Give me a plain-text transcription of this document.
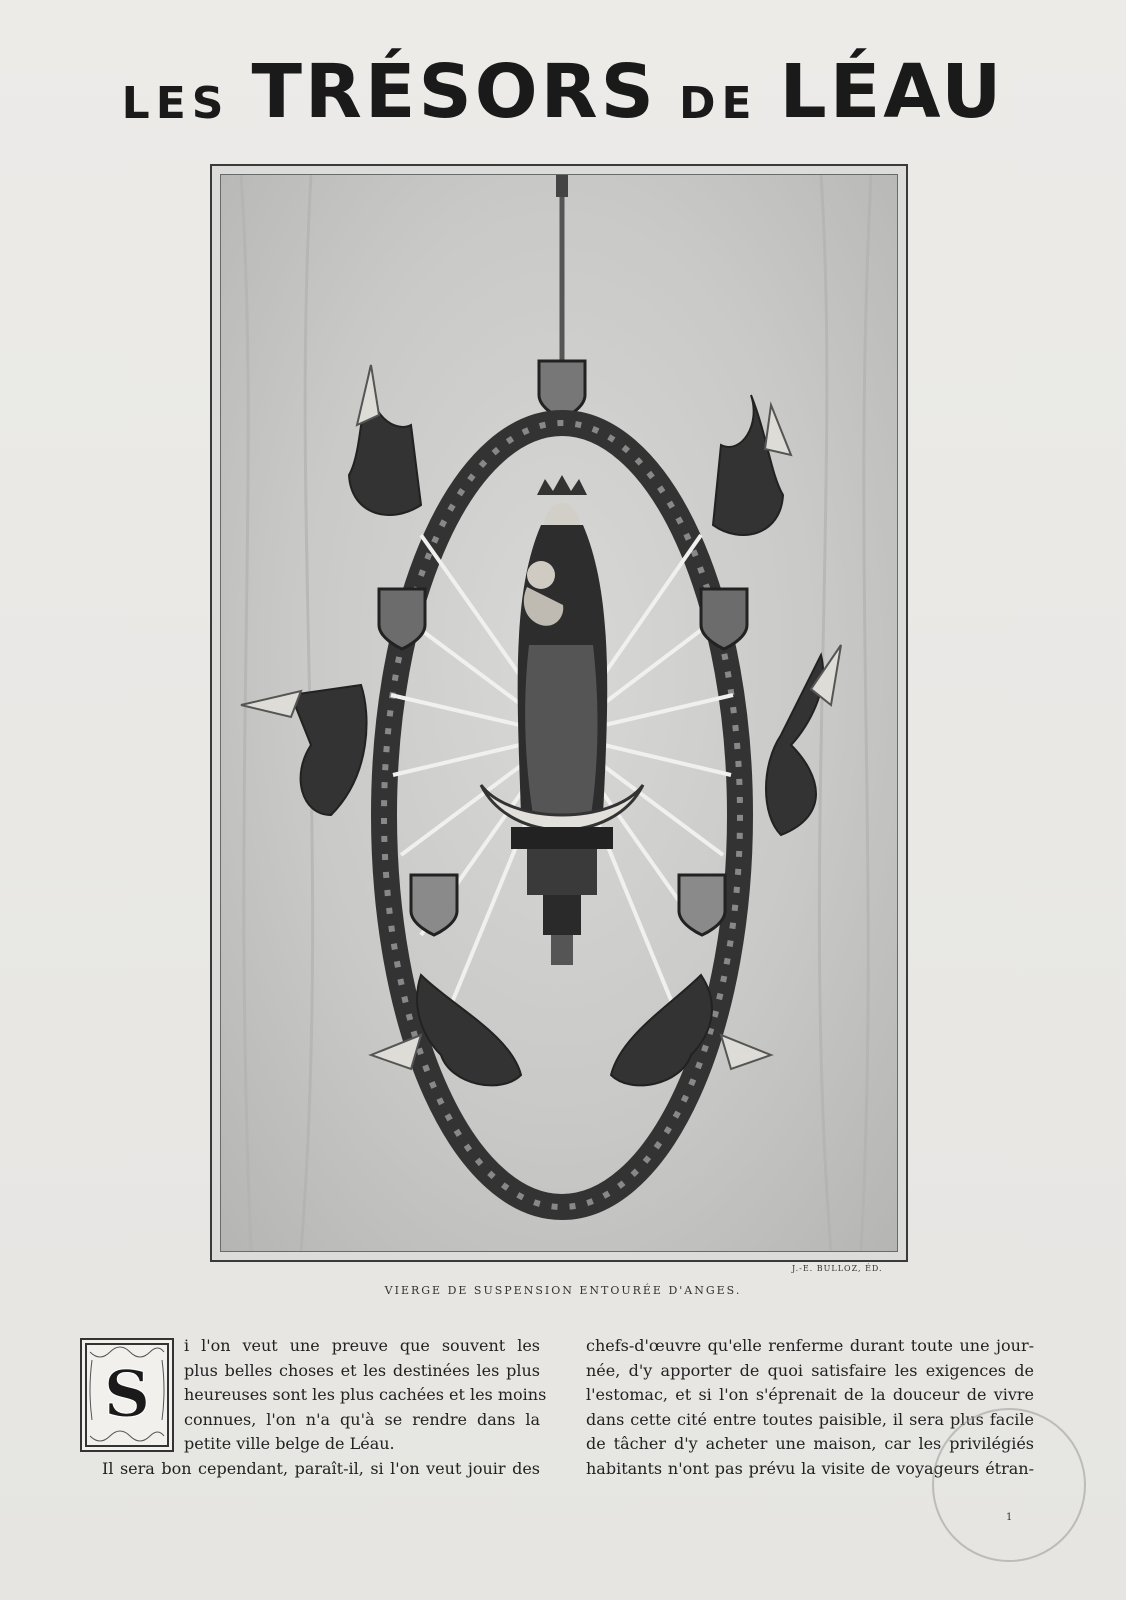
LES TRÉSORS DE LÉAU
J.-E. BULLOZ, ÉD.
VIERGE DE SUSPENSION ENTOURÉE D'ANGES.
S
i l'on veut une preuve que souvent les
plus belles choses et les destinées les plus
heureuses sont les plus cachées et les moins
connues, l'on n'a qu'à se rendre dans la
petite ville belge de Léau.
Il sera bon cependant, paraît-il, si l'on veut jouir des
chefs-d'œuvre qu'elle renferme durant toute une jour-
née, d'y apporter de quoi satisfaire les exigences de
l'estomac, et si l'on s'éprenait de la douceur de vivre
dans cette cité entre toutes paisible, il sera plus facile
de tâcher d'y acheter une maison, car les privilégiés
habitants n'ont pas prévu la visite de voyageurs étran-
1
